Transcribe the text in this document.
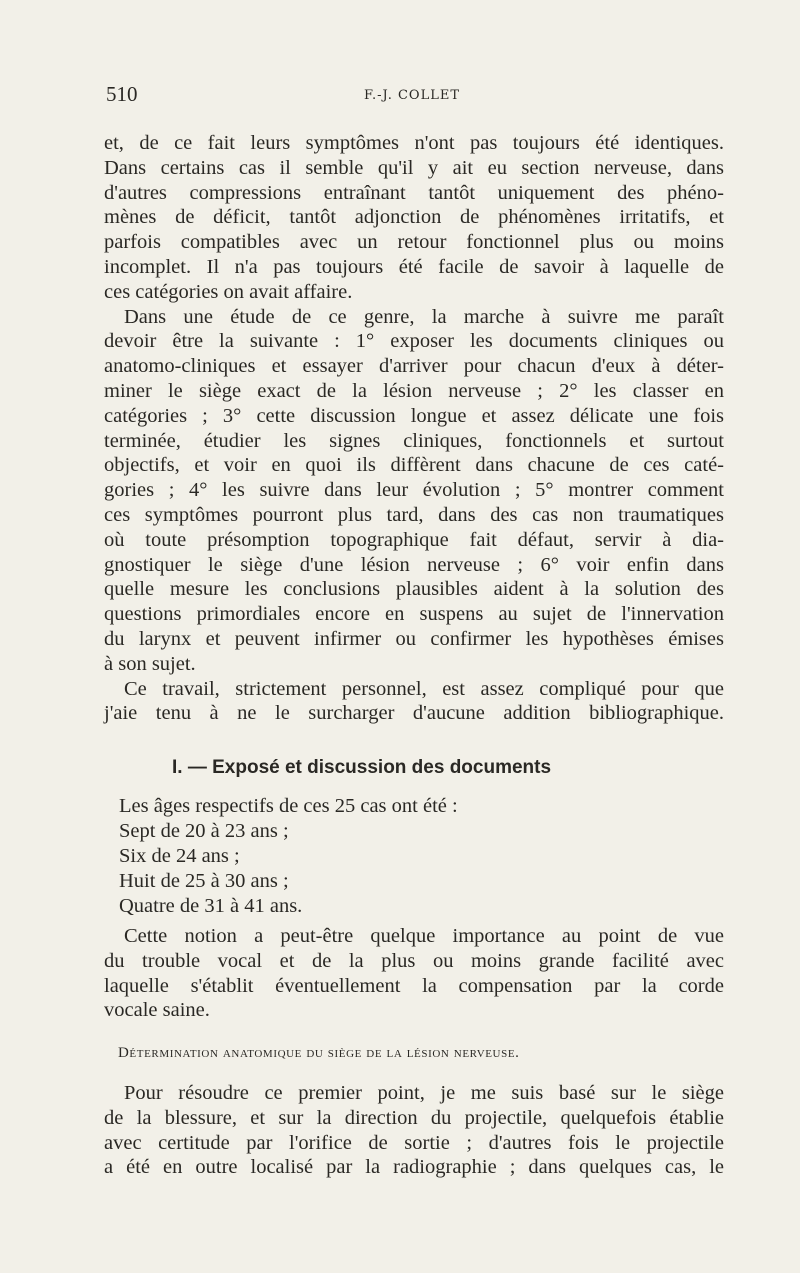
510	F.-J. COLLET
et, de ce fait leurs symptômes n'ont pas toujours été identiques.
Dans certains cas il semble qu'il y ait eu section nerveuse, dans
d'autres compressions entraînant tantôt uniquement des phéno-
mènes de déficit, tantôt adjonction de phénomènes irritatifs, et
parfois compatibles avec un retour fonctionnel plus ou moins
incomplet. Il n'a pas toujours été facile de savoir à laquelle de
ces catégories on avait affaire.
Dans une étude de ce genre, la marche à suivre me paraît
devoir être la suivante : 1° exposer les documents cliniques ou
anatomo-cliniques et essayer d'arriver pour chacun d'eux à déter-
miner le siège exact de la lésion nerveuse ; 2° les classer en
catégories ; 3° cette discussion longue et assez délicate une fois
terminée, étudier les signes cliniques, fonctionnels et surtout
objectifs, et voir en quoi ils diffèrent dans chacune de ces caté-
gories ; 4° les suivre dans leur évolution ; 5° montrer comment
ces symptômes pourront plus tard, dans des cas non traumatiques
où toute présomption topographique fait défaut, servir à dia-
gnostiquer le siège d'une lésion nerveuse ; 6° voir enfin dans
quelle mesure les conclusions plausibles aident à la solution des
questions primordiales encore en suspens au sujet de l'innervation
du larynx et peuvent infirmer ou confirmer les hypothèses émises
à son sujet.
Ce travail, strictement personnel, est assez compliqué pour que
j'aie tenu à ne le surcharger d'aucune addition bibliographique.
I. — Exposé et discussion des documents
Les âges respectifs de ces 25 cas ont été :
Sept de 20 à 23 ans ;
Six de 24 ans ;
Huit de 25 à 30 ans ;
Quatre de 31 à 41 ans.
Cette notion a peut-être quelque importance au point de vue
du trouble vocal et de la plus ou moins grande facilité avec
laquelle s'établit éventuellement la compensation par la corde
vocale saine.
Détermination anatomique du siège de la lésion nerveuse.
Pour résoudre ce premier point, je me suis basé sur le siège
de la blessure, et sur la direction du projectile, quelquefois établie
avec certitude par l'orifice de sortie ; d'autres fois le projectile
a été en outre localisé par la radiographie ; dans quelques cas, le
